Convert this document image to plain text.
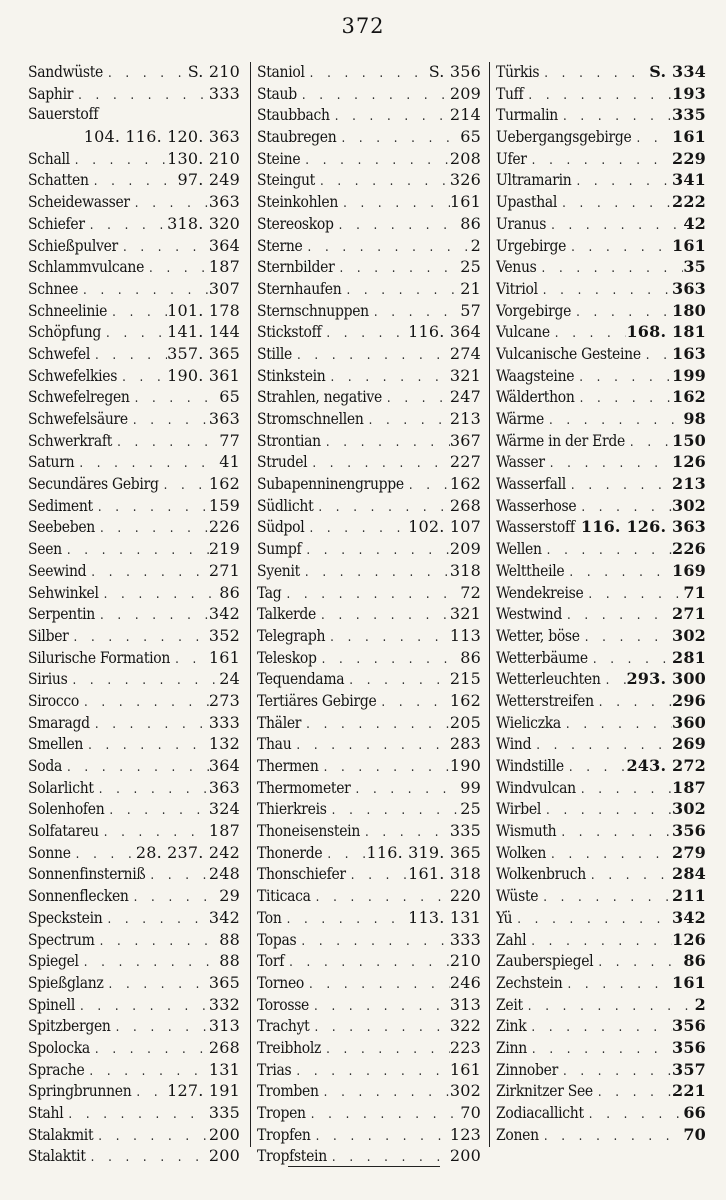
372
Sandwüste . . .	S. 210
Saphir . . .	333
Sauerstoff
104. 116. 120. 363
Schall . . .	130. 210
Schatten . . .	97. 249
Scheidewasser . . .	363
Schiefer . . .	318. 320
Schießpulver . . .	364
Schlammvulcane . . .	187
Schnee . . .	307
Schneelinie . . .	101. 178
Schöpfung . . .	141. 144
Schwefel . . .	357. 365
Schwefelkies . . .	190. 361
Schwefelregen . . .	65
Schwefelsäure . . .	363
Schwerkraft . . .	77
Saturn . . .	41
Secundäres Gebirg . . .	162
Sediment . . .	159
Seebeben . . .	226
Seen . . .	219
Seewind . . .	271
Sehwinkel . . .	86
Serpentin . . .	342
Silber . . .	352
Silurische Formation . . . 161
Sirius . . .	24
Sirocco . . .	273
Smaragd . . .	333
Smellen . . .	132
Soda . . .	364
Solarlicht . . .	363
Solenhofen . . .	324
Solfatareu . . .	187
Sonne . . .	28. 237. 242
Sonnenfinsterniß . . .	248
Sonnenflecken . . .	29
Speckstein . . .	342
Spectrum . . .	88
Spiegel . . .	88
Spießglanz . . .	365
Spinell . . .	332
Spitzbergen . . .	313
Spolocka . . .	268
Sprache . . .	131
Springbrunnen . . . 127. 191
Stahl . . .	335
Stalakmit . . .	200
Stalaktit . . .	200
Staniol . . .	S. 356
Staub . . .	209
Staubbach . . .	214
Staubregen . . .	65
Steine . . .	208
Steingut . . .	326
Steinkohlen . . .	161
Stereoskop . . .	86
Sterne . . .	2
Sternbilder . . .	25
Sternhaufen . . .	21
Sternschnuppen . . .	57
Stickstoff . . .	116. 364
Stille . . .	274
Stinkstein . . .	321
Strahlen, negative . . .	247
Stromschnellen . . .	213
Strontian . . .	367
Strudel . . .	227
Subapenninengruppe . . .	162
Südlicht . . .	268
Südpol . . .	102. 107
Sumpf . . .	209
Syenit . . .	318
Tag . . .	72
Talkerde . . .	321
Telegraph . . .	113
Teleskop . . .	86
Tequendama . . .	215
Tertiäres Gebirge . . .	162
Thäler . . .	205
Thau . . .	283
Thermen . . .	190
Thermometer . . .	99
Thierkreis . . .	25
Thoneisenstein . . .	335
Thonerde . . .	116. 319. 365
Thonschiefer . . .	161. 318
Titicaca . . .	220
Ton . . .	113. 131
Topas . . .	333
Torf . . .	210
Torneo . . .	246
Torosse . . .	313
Trachyt . . .	322
Treibholz . . .	223
Trias . . .	161
Tromben . . .	302
Tropen . . .	70
Tropfen . . .	123
Tropfstein . . .	200
Türkis . . .	S. 334
Tuff . . .	193
Turmalin . . .	335
Uebergangsgebirge . . .	161
Ufer . . .	229
Ultramarin . . .	341
Upasthal . . .	222
Uranus . . .	42
Urgebirge . . .	161
Venus . . .	35
Vitriol . . .	363
Vorgebirge . . .	180
Vulcane . . .	168. 181
Vulcanische Gesteine . . . 163
Waagsteine . . .	199
Wälderthon . . .	162
Wärme . . .	98
Wärme in der Erde . . .	150
Wasser . . .	126
Wasserfall . . .	213
Wasserhose . . .	302
Wasserstoff . . . 116. 126. 363
Wellen . . .	226
Welttheile . . .	169
Wendekreise . . .	71
Westwind . . .	271
Wetter, böse . . .	302
Wetterbäume . . .	281
Wetterleuchten . . . 293. 300
Wetterstreifen . . .	296
Wieliczka . . .	360
Wind . . .	269
Windstille . . .	243. 272
Windvulcan . . .	187
Wirbel . . .	302
Wismuth . . .	356
Wolken . . .	279
Wolkenbruch . . .	284
Wüste . . .	211
Yü . . .	342
Zahl . . .	126
Zauberspiegel . . .	86
Zechstein . . .	161
Zeit . . .	2
Zink . . .	356
Zinn . . .	356
Zinnober . . .	357
Zirknitzer See . . .	221
Zodiacallicht . . .	66
Zonen . . .	70
